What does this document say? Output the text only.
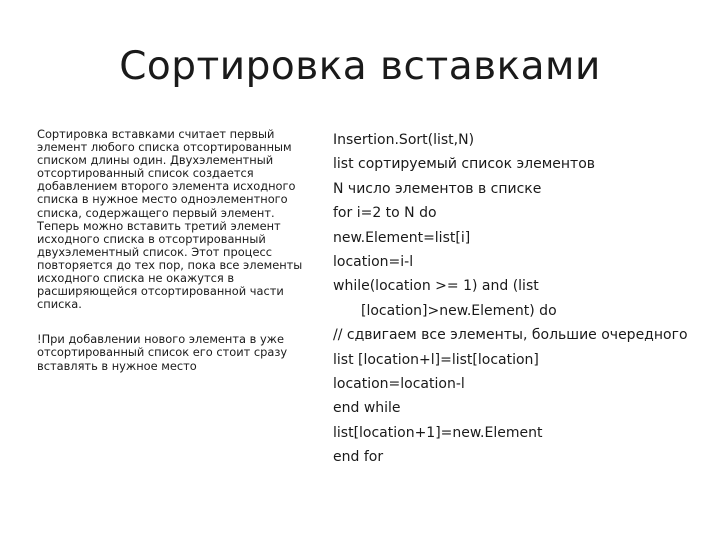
Сортировка вставками

Сортировка вставками считает первый элемент любого списка отсортированным списком длины один. Двухэлементный отсортированный список создается добавлением второго элемента исходного списка в нужное место одноэлементного списка, содержащего первый элемент. Теперь можно вставить третий элемент исходного списка в отсортированный двухэлементный список. Этот процесс повторяется до тех пор, пока все элементы исходного списка не окажутся в расширяющейся отсортированной части списка.

!При добавлении нового элемента в уже отсортированный список его стоит сразу вставлять в нужное место

Insertion.Sort(list,N)
list сортируемый список элементов
N число элементов в списке
for i=2 to N do
new.Element=list[i]
location=i-l
while(location >= 1) and (list
[location]>new.Element) do
// сдвигаем все элементы, большие очередного
list [location+l]=list[location]
location=location-l
end while
list[location+1]=new.Element
end for
